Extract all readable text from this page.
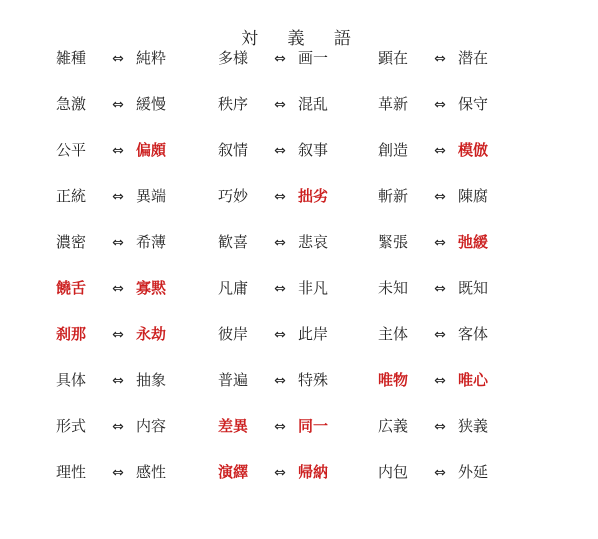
対 義 語
雑種 ⇔ 純粋	多様 ⇔ 画一	顕在 ⇔ 潜在
急激 ⇔ 緩慢	秩序 ⇔ 混乱	革新 ⇔ 保守
公平 ⇔ 偏頗	叙情 ⇔ 叙事	創造 ⇔ 模倣
正統 ⇔ 異端	巧妙 ⇔ 拙劣	斬新 ⇔ 陳腐
濃密 ⇔ 希薄	歓喜 ⇔ 悲哀	緊張 ⇔ 弛緩
饒舌 ⇔ 寡黙	凡庸 ⇔ 非凡	未知 ⇔ 既知
刹那 ⇔ 永劫	彼岸 ⇔ 此岸	主体 ⇔ 客体
具体 ⇔ 抽象	普遍 ⇔ 特殊	唯物 ⇔ 唯心
形式 ⇔ 内容	差異 ⇔ 同一	広義 ⇔ 狭義
理性 ⇔ 感性	演繹 ⇔ 帰納	内包 ⇔ 外延
